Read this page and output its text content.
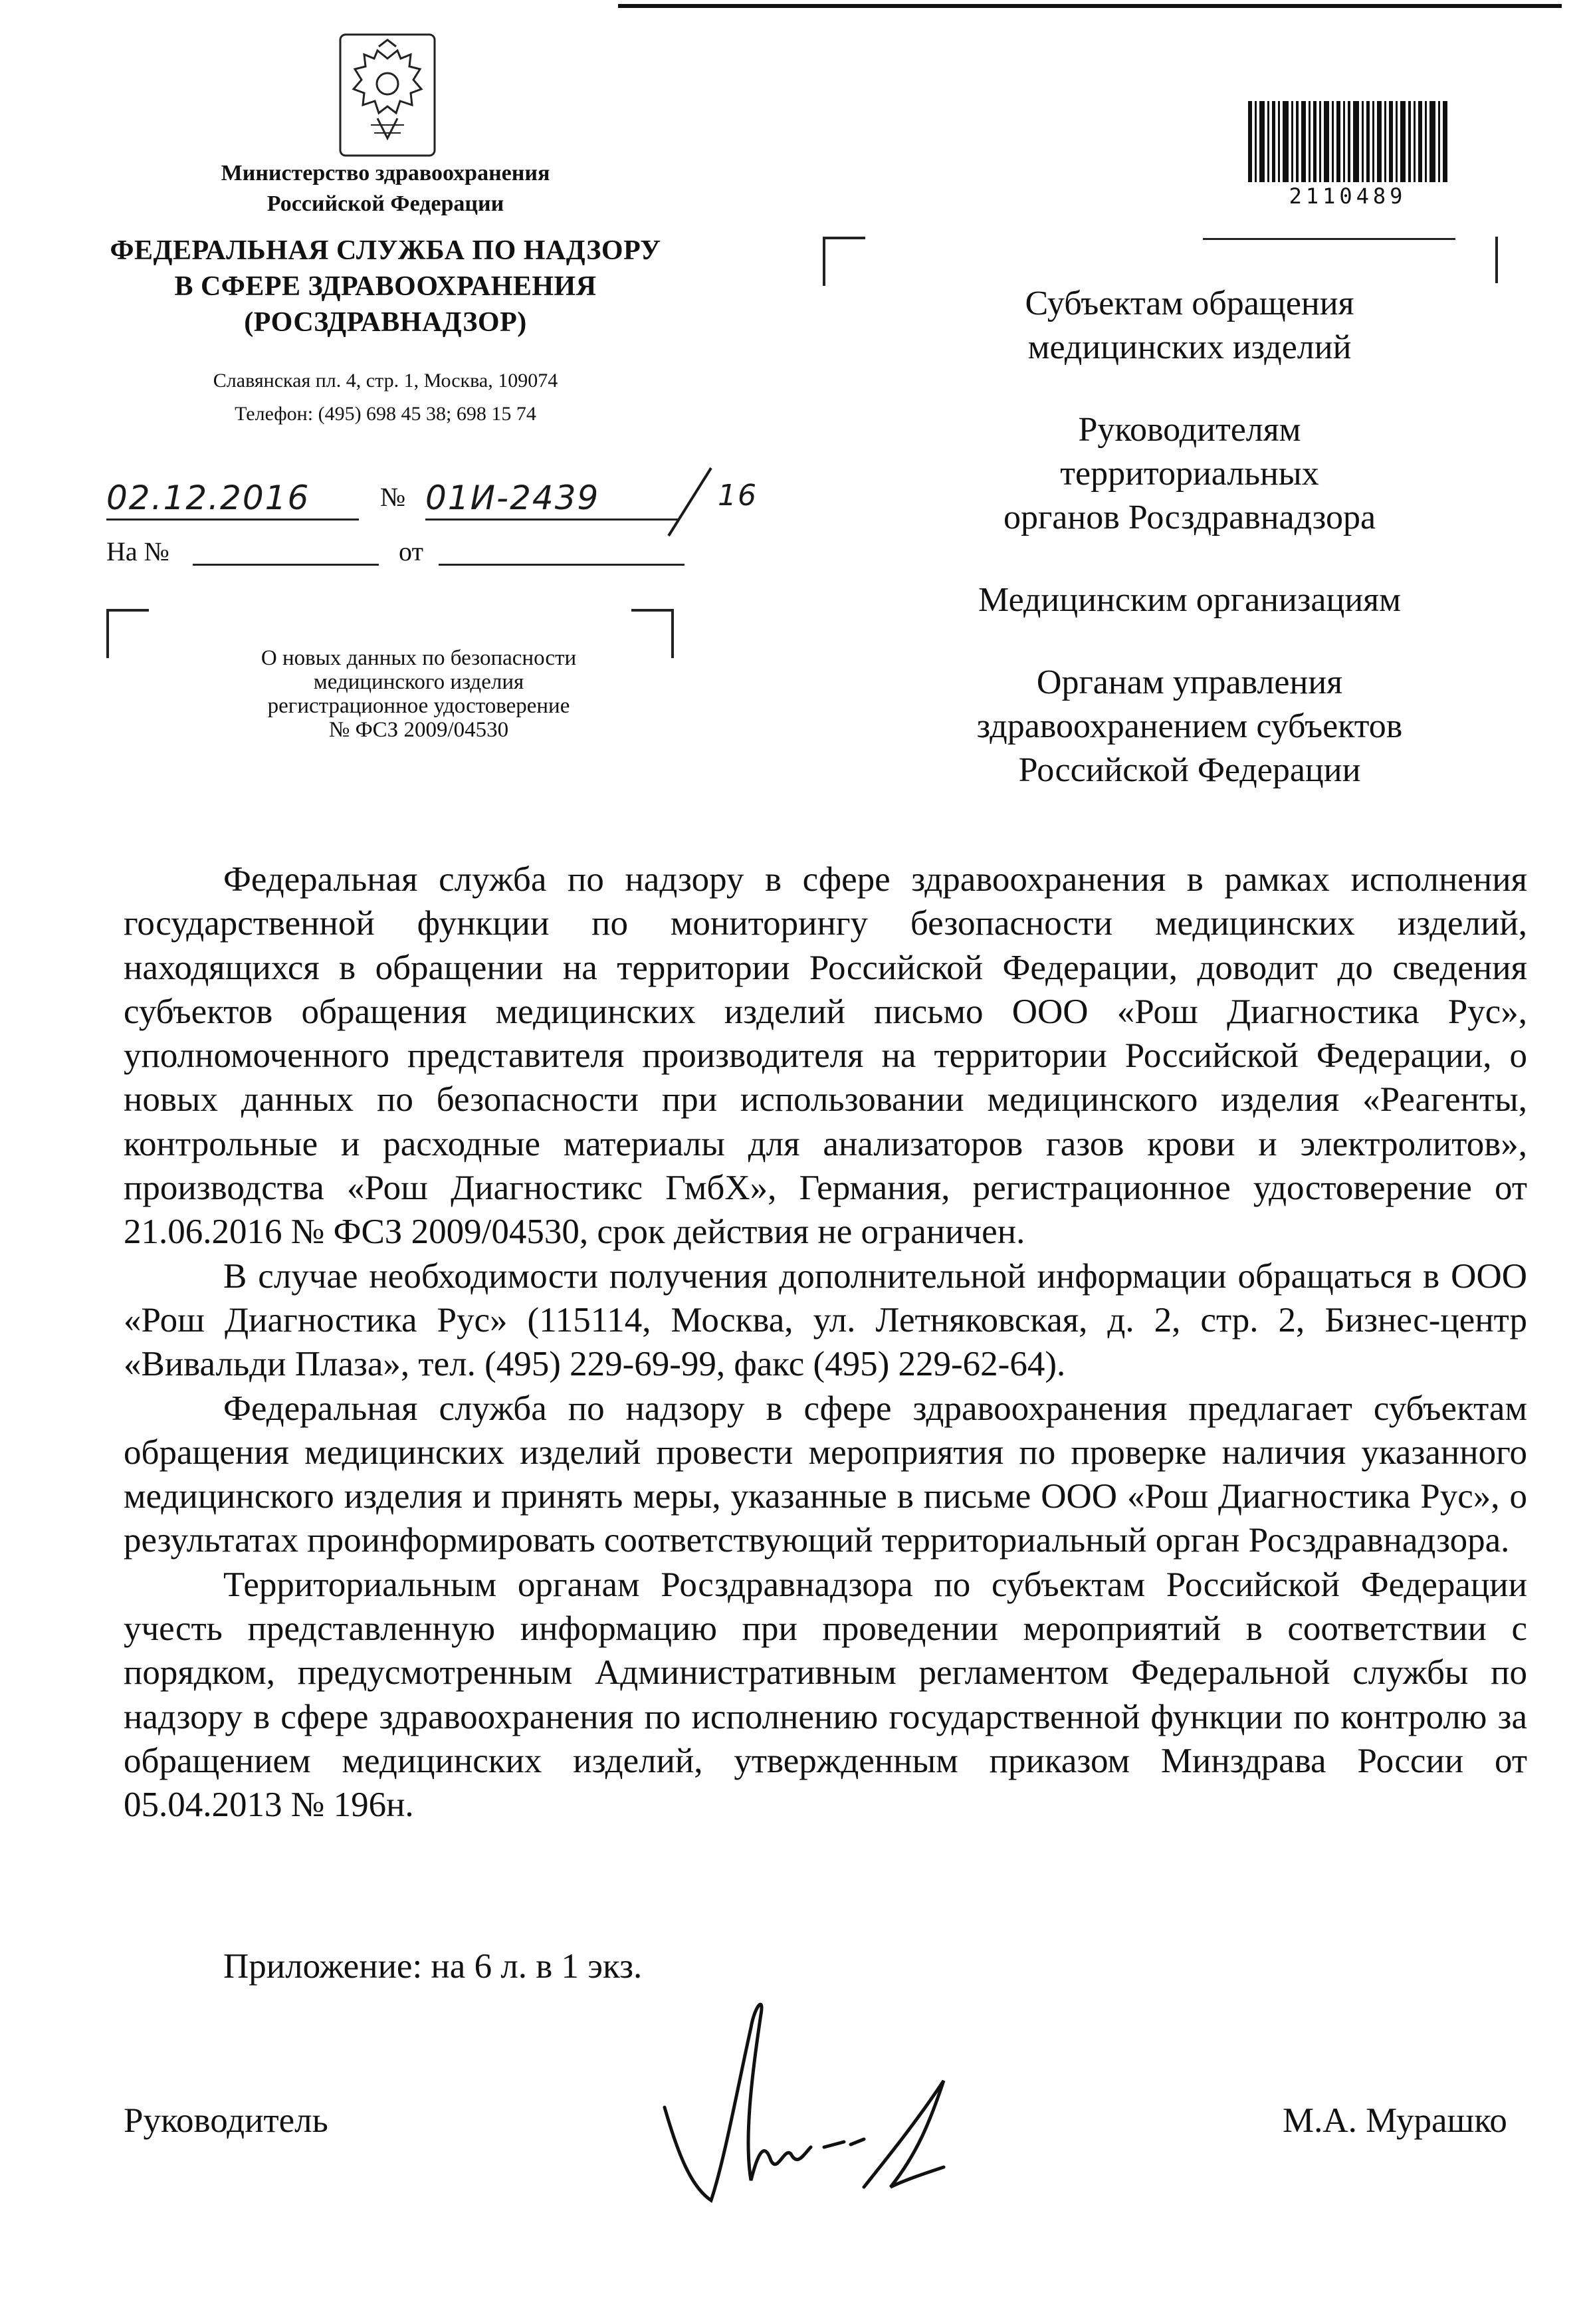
Министерство здравоохранения
Российской Федерации
ФЕДЕРАЛЬНАЯ СЛУЖБА ПО НАДЗОРУ
В СФЕРЕ ЗДРАВООХРАНЕНИЯ
(РОСЗДРАВНАДЗОР)
Славянская пл. 4, стр. 1, Москва, 109074
Телефон: (495) 698 45 38; 698 15 74
02.12.2016	№ 01И-2439	16
На №	от
О новых данных по безопасности
медицинского изделия
регистрационное удостоверение
№ ФСЗ 2009/04530
2110489
Субъектам обращения
медицинских изделий
Руководителям
территориальных
органов Росздравнадзора
Медицинским организациям
Органам управления
здравоохранением субъектов
Российской Федерации

Федеральная служба по надзору в сфере здравоохранения в рамках исполнения государственной функции по мониторингу безопасности медицинских изделий, находящихся в обращении на территории Российской Федерации, доводит до сведения субъектов обращения медицинских изделий письмо ООО «Рош Диагностика Рус», уполномоченного представителя производителя на территории Российской Федерации, о новых данных по безопасности при использовании медицинского изделия «Реагенты, контрольные и расходные материалы для анализаторов газов крови и электролитов», производства «Рош Диагностикс ГмбХ», Германия, регистрационное удостоверение от 21.06.2016 № ФСЗ 2009/04530, срок действия не ограничен.

В случае необходимости получения дополнительной информации обращаться в ООО «Рош Диагностика Рус» (115114, Москва, ул. Летняковская, д. 2, стр. 2, Бизнес-центр «Вивальди Плаза», тел. (495) 229-69-99, факс (495) 229-62-64).

Федеральная служба по надзору в сфере здравоохранения предлагает субъектам обращения медицинских изделий провести мероприятия по проверке наличия указанного медицинского изделия и принять меры, указанные в письме ООО «Рош Диагностика Рус», о результатах проинформировать соответствующий территориальный орган Росздравнадзора.

Территориальным органам Росздравнадзора по субъектам Российской Федерации учесть представленную информацию при проведении мероприятий в соответствии с порядком, предусмотренным Административным регламентом Федеральной службы по надзору в сфере здравоохранения по исполнению государственной функции по контролю за обращением медицинских изделий, утвержденным приказом Минздрава России от 05.04.2013 № 196н.

Приложение: на 6 л. в 1 экз.
Руководитель	М.А. Мурашко
